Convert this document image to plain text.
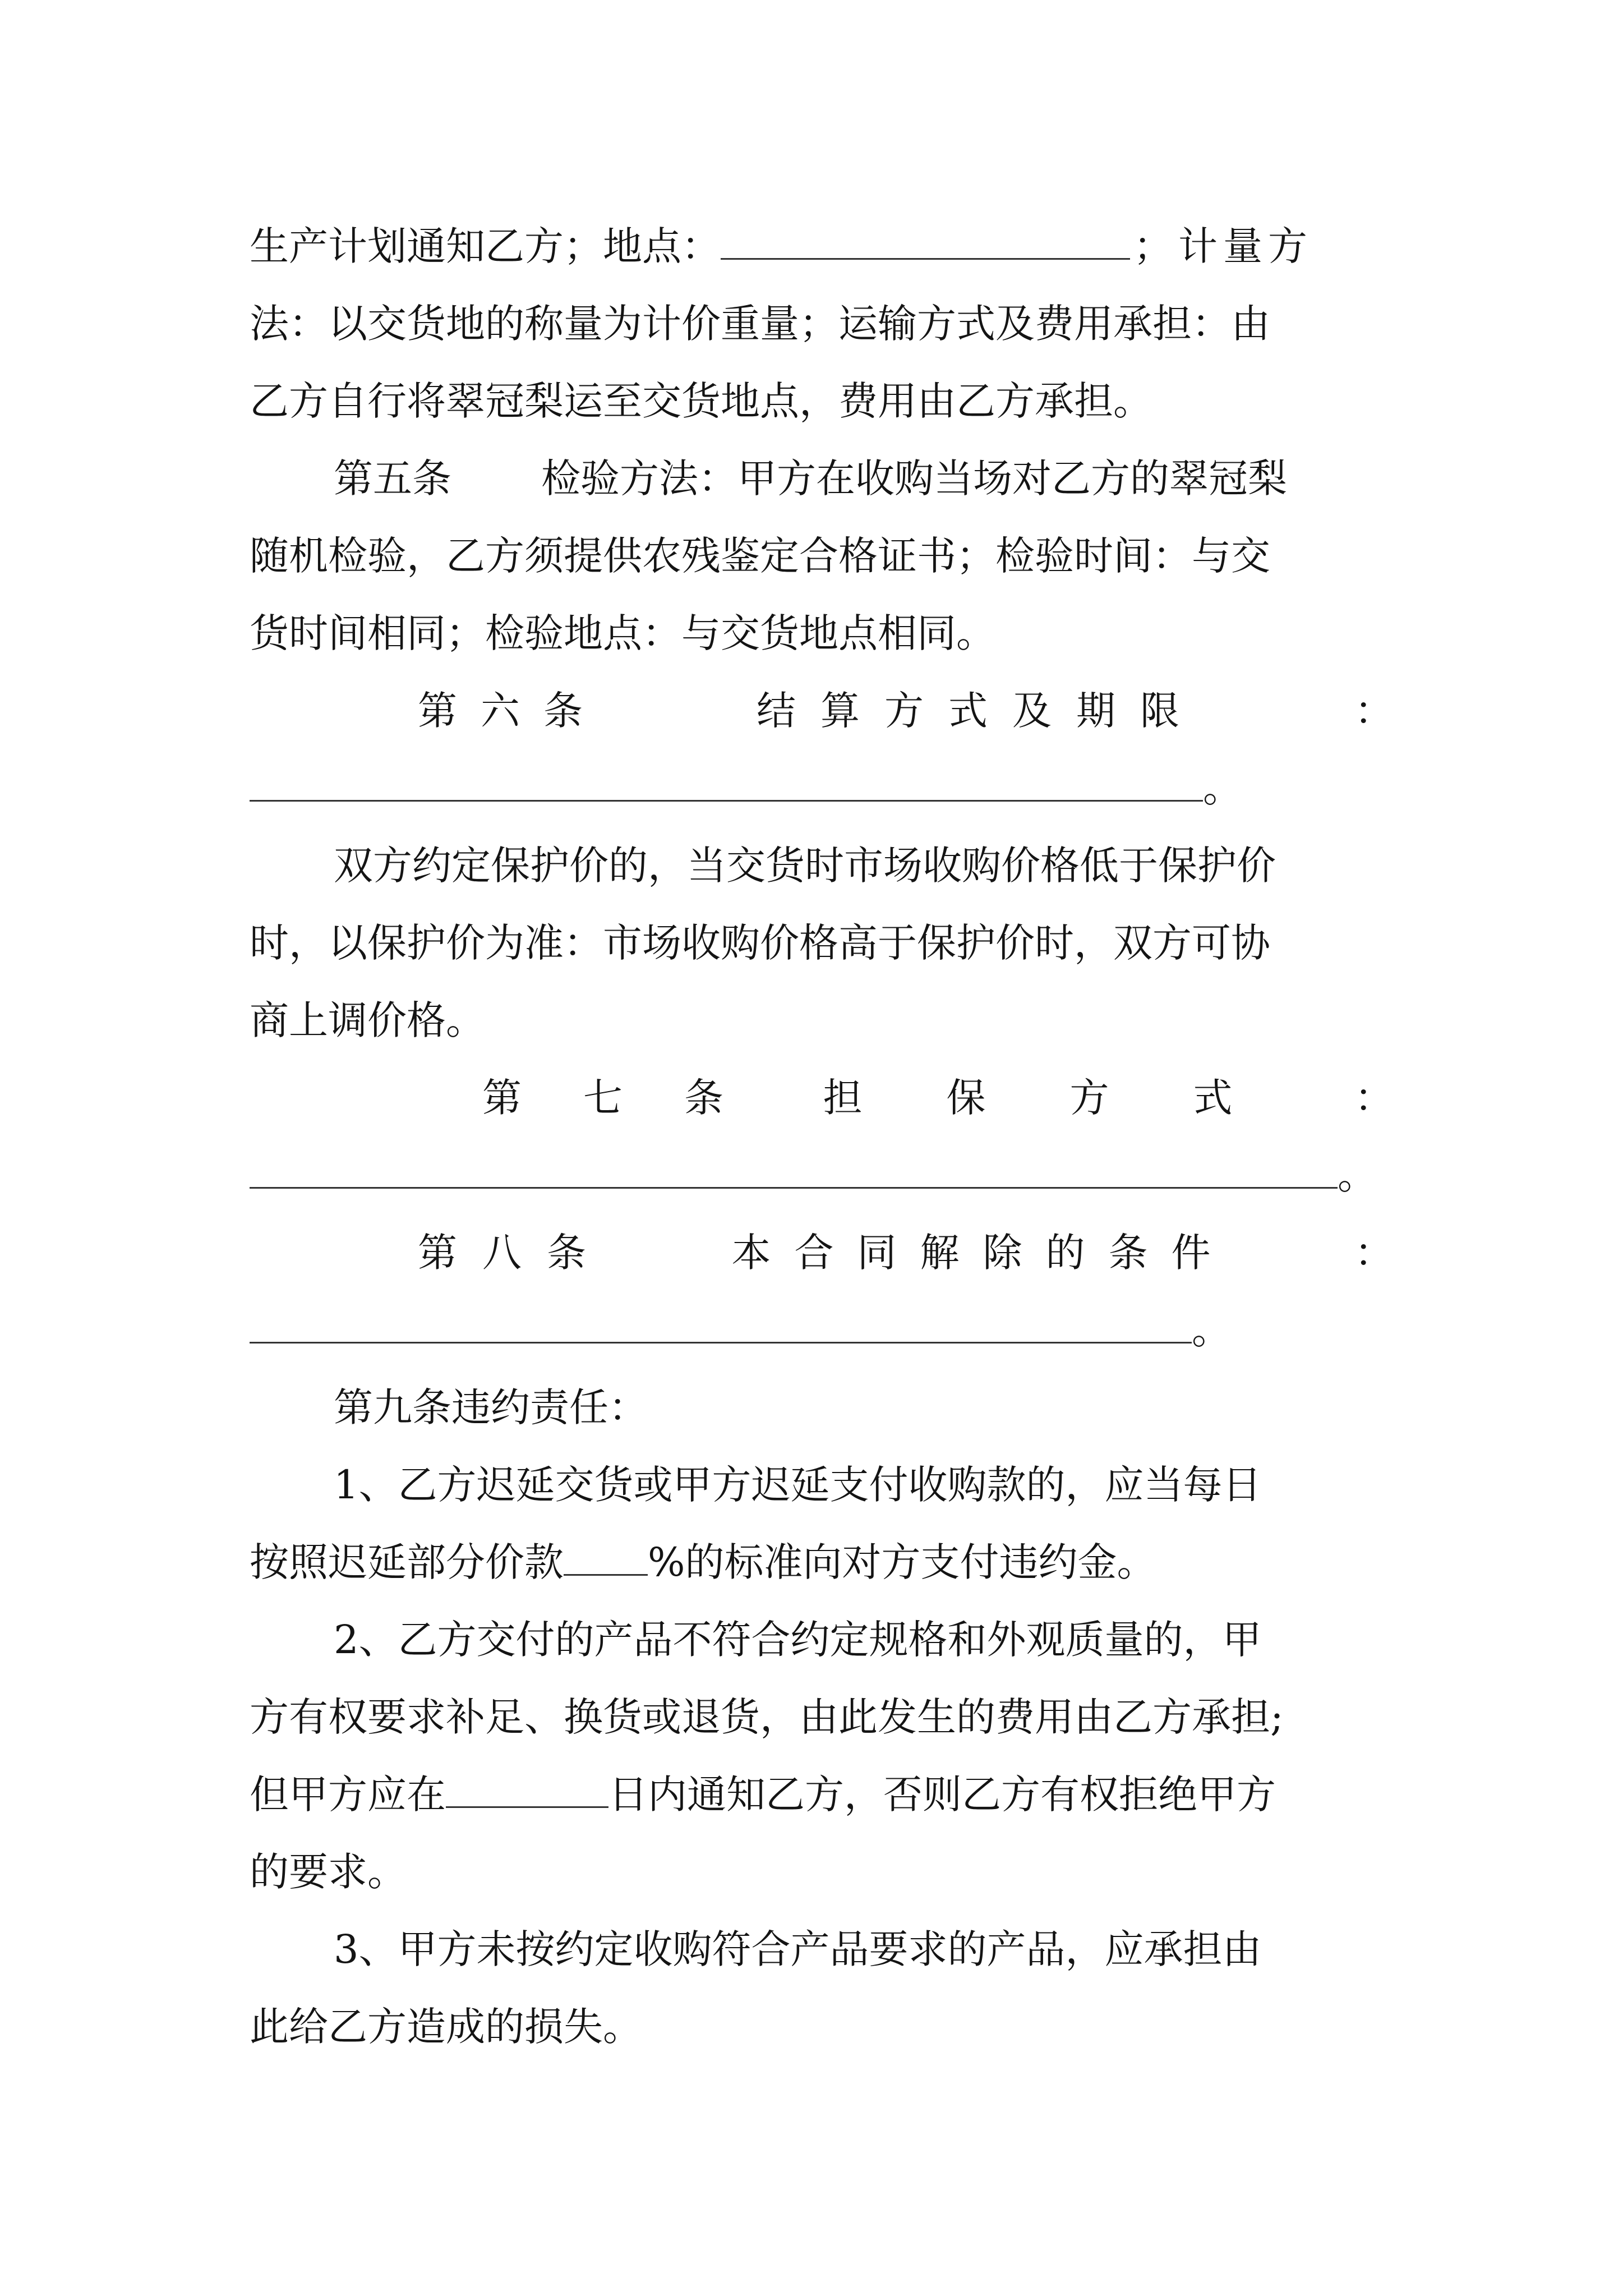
生产计划通知乙方；地点：	；计量方
法：以交货地的称量为计价重量；运输方式及费用承担：由
乙方自行将翠冠梨运至交货地点，费用由乙方承担。
第五条 检验方法：甲方在收购当场对乙方的翠冠梨
随机检验，乙方须提供农残鉴定合格证书；检验时间：与交
货时间相同；检验地点：与交货地点相同。
第六条	结算方式及期限	：
。
双方约定保护价的，当交货时市场收购价格低于保护价
时，以保护价为准：市场收购价格高于保护价时，双方可协
商上调价格。
第七条 担保方式 ：
。
第八条	本合同解除的条件	：
。
第九条违约责任：
1、乙方迟延交货或甲方迟延支付收购款的，应当每日
按照迟延部分价款 %的标准向对方支付违约金。
2、乙方交付的产品不符合约定规格和外观质量的，甲
方有权要求补足、换货或退货，由此发生的费用由乙方承担;
但甲方应在	日内通知乙方，否则乙方有权拒绝甲方
的要求。
3、甲方未按约定收购符合产品要求的产品，应承担由
此给乙方造成的损失。
